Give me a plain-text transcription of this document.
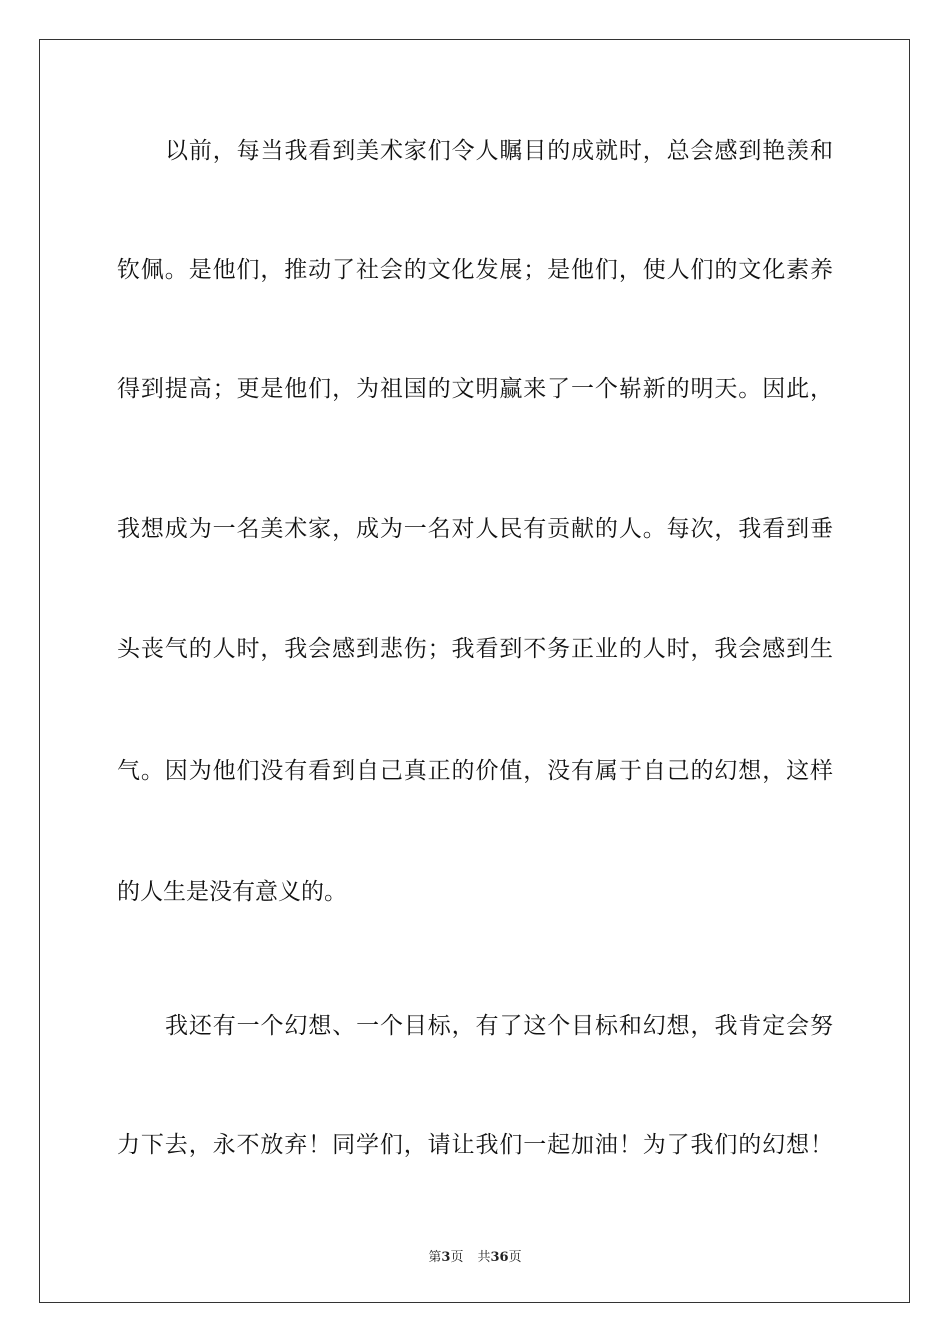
以前，每当我看到美术家们令人瞩目的成就时，总会感到艳羡和
钦佩。是他们，推动了社会的文化发展；是他们，使人们的文化素养
得到提高；更是他们，为祖国的文明赢来了一个崭新的明天。因此，
我想成为一名美术家，成为一名对人民有贡献的人。每次，我看到垂
头丧气的人时，我会感到悲伤；我看到不务正业的人时，我会感到生
气。因为他们没有看到自己真正的价值，没有属于自己的幻想，这样
的人生是没有意义的。
我还有一个幻想、一个目标，有了这个目标和幻想，我肯定会努
力下去，永不放弃！同学们，请让我们一起加油！为了我们的幻想！
第3页 共36页
